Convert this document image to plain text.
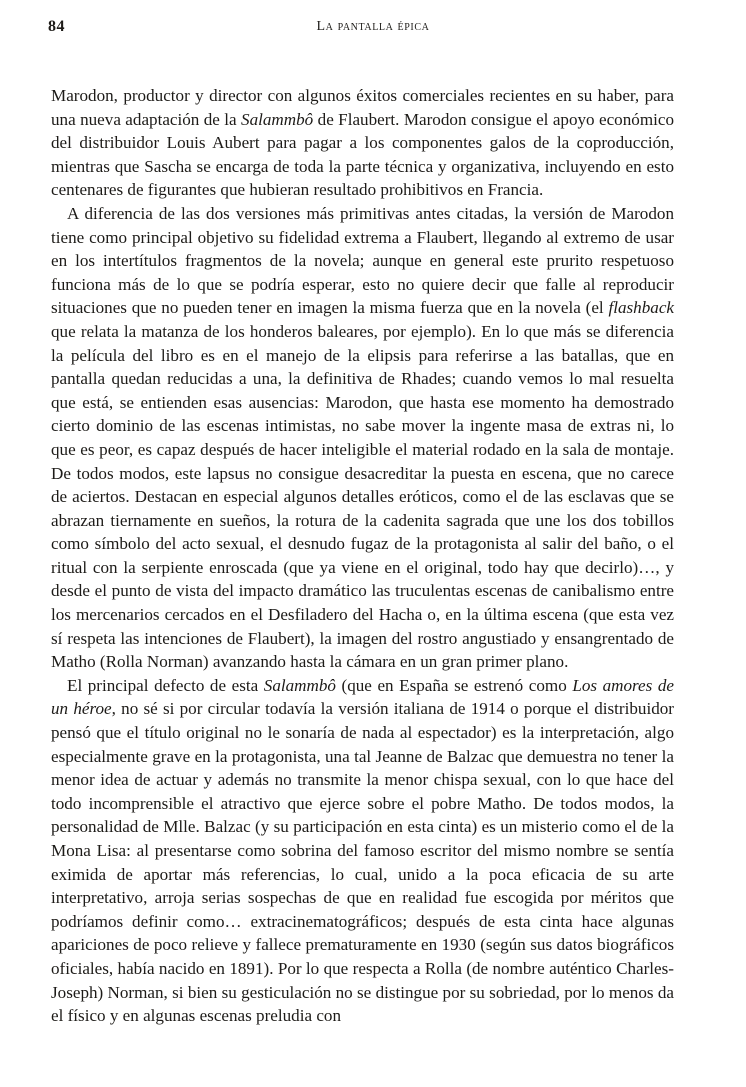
84	La pantalla épica

Marodon, productor y director con algunos éxitos comerciales recientes en su haber, para una nueva adaptación de la Salammbô de Flaubert. Marodon consigue el apoyo económico del distribuidor Louis Aubert para pagar a los componentes galos de la coproducción, mientras que Sascha se encarga de toda la parte técnica y organizativa, incluyendo en esto centenares de figurantes que hubieran resultado prohibitivos en Francia.

A diferencia de las dos versiones más primitivas antes citadas, la versión de Marodon tiene como principal objetivo su fidelidad extrema a Flaubert, llegando al extremo de usar en los intertítulos fragmentos de la novela; aunque en general este prurito respetuoso funciona más de lo que se podría esperar, esto no quiere decir que falle al reproducir situaciones que no pueden tener en imagen la misma fuerza que en la novela (el flashback que relata la matanza de los honderos baleares, por ejemplo). En lo que más se diferencia la película del libro es en el manejo de la elipsis para referirse a las batallas, que en pantalla quedan reducidas a una, la definitiva de Rhades; cuando vemos lo mal resuelta que está, se entienden esas ausencias: Marodon, que hasta ese momento ha demostrado cierto dominio de las escenas intimistas, no sabe mover la ingente masa de extras ni, lo que es peor, es capaz después de hacer inteligible el material rodado en la sala de montaje. De todos modos, este lapsus no consigue desacreditar la puesta en escena, que no carece de aciertos. Destacan en especial algunos detalles eróticos, como el de las esclavas que se abrazan tiernamente en sueños, la rotura de la cadenita sagrada que une los dos tobillos como símbolo del acto sexual, el desnudo fugaz de la protagonista al salir del baño, o el ritual con la serpiente enroscada (que ya viene en el original, todo hay que decirlo)…, y desde el punto de vista del impacto dramático las truculentas escenas de canibalismo entre los mercenarios cercados en el Desfiladero del Hacha o, en la última escena (que esta vez sí respeta las intenciones de Flaubert), la imagen del rostro angustiado y ensangrentado de Matho (Rolla Norman) avanzando hasta la cámara en un gran primer plano.

El principal defecto de esta Salammbô (que en España se estrenó como Los amores de un héroe, no sé si por circular todavía la versión italiana de 1914 o porque el distribuidor pensó que el título original no le sonaría de nada al espectador) es la interpretación, algo especialmente grave en la protagonista, una tal Jeanne de Balzac que demuestra no tener la menor idea de actuar y además no transmite la menor chispa sexual, con lo que hace del todo incomprensible el atractivo que ejerce sobre el pobre Matho. De todos modos, la personalidad de Mlle. Balzac (y su participación en esta cinta) es un misterio como el de la Mona Lisa: al presentarse como sobrina del famoso escritor del mismo nombre se sentía eximida de aportar más referencias, lo cual, unido a la poca eficacia de su arte interpretativo, arroja serias sospechas de que en realidad fue escogida por méritos que podríamos definir como… extracinematográficos; después de esta cinta hace algunas apariciones de poco relieve y fallece prematuramente en 1930 (según sus datos biográficos oficiales, había nacido en 1891). Por lo que respecta a Rolla (de nombre auténtico Charles-Joseph) Norman, si bien su gesticulación no se distingue por su sobriedad, por lo menos da el físico y en algunas escenas preludia con
